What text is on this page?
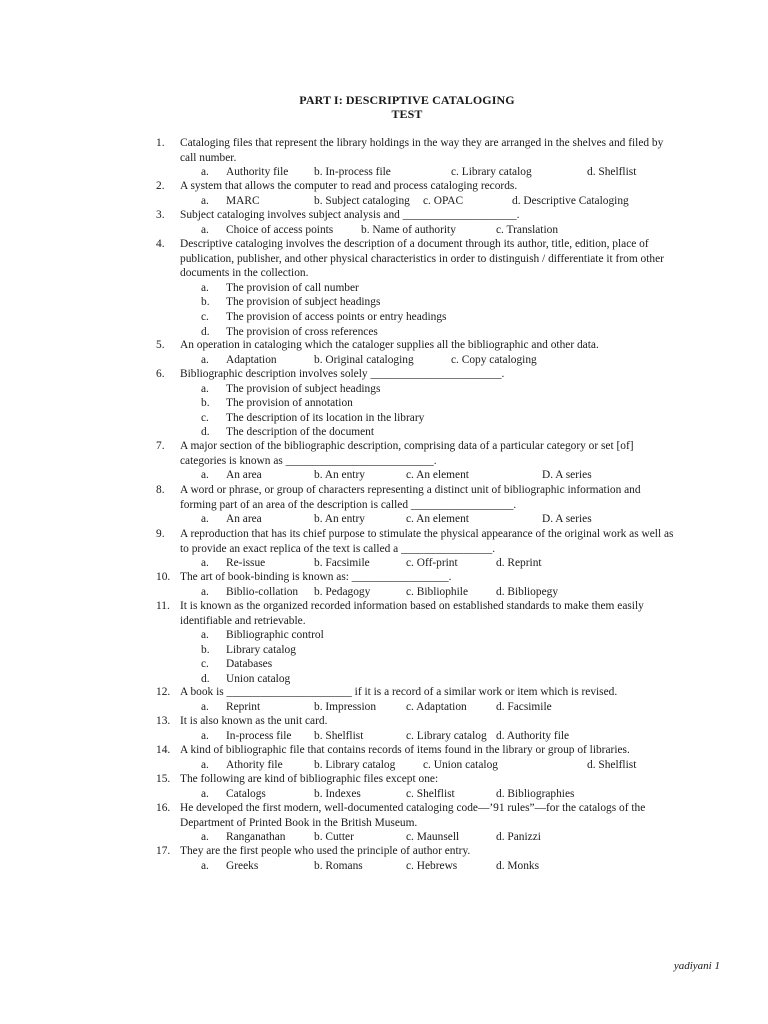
PART I: DESCRIPTIVE CATALOGING
TEST
1.	Cataloging files that represent the library holdings in the way they are arranged in the shelves and filed by call number.
a. Authority file b. In-process file	c. Library catalog	d. Shelflist
2.	A system that allows the computer to read and process cataloging records.
a. MARC	b. Subject cataloging c. OPAC	d. Descriptive Cataloging
3.	Subject cataloging involves subject analysis and ____________________.
a. Choice of access points b. Name of authority	c. Translation
4.	Descriptive cataloging involves the description of a document through its author, title, edition, place of publication, publisher, and other physical characteristics in order to distinguish / differentiate it from other documents in the collection.
a. The provision of call number
b. The provision of subject headings
c. The provision of access points or entry headings
d. The provision of cross references
5.	An operation in cataloging which the cataloger supplies all the bibliographic and other data.
a. Adaptation	b. Original cataloging	c. Copy cataloging
6.	Bibliographic description involves solely _______________________.
a. The provision of subject headings
b. The provision of annotation
c. The description of its location in the library
d. The description of the document
7.	A major section of the bibliographic description, comprising data of a particular category or set [of] categories is known as __________________________.
a. An area	b. An entry	c. An element	D. A series
8.	A word or phrase, or group of characters representing a distinct unit of bibliographic information and forming part of an area of the description is called __________________.
a. An area	b. An entry	c. An element	D. A series
9.	A reproduction that has its chief purpose to stimulate the physical appearance of the original work as well as to provide an exact replica of the text is called a ________________.
a. Re-issue	b. Facsimile	c. Off-print	d. Reprint
10. The art of book-binding is known as: _________________.
a. Biblio-collation b. Pedagogy	c. Bibliophile d. Bibliopegy
11. It is known as the organized recorded information based on established standards to make them easily identifiable and retrievable.
a. Bibliographic control
b. Library catalog
c. Databases
d. Union catalog
12. A book is ______________________ if it is a record of a similar work or item which is revised.
a. Reprint	b. Impression	c. Adaptation	d. Facsimile
13. It is also known as the unit card.
a. In-process file b. Shelflist	c. Library catalog d. Authority file
14. A kind of bibliographic file that contains records of items found in the library or group of libraries.
a. Athority file	b. Library catalog c. Union catalog	d. Shelflist
15. The following are kind of bibliographic files except one:
a. Catalogs	b. Indexes	c. Shelflist	d. Bibliographies
16. He developed the first modern, well-documented cataloging code—’91 rules”—for the catalogs of the Department of Printed Book in the British Museum.
a. Ranganathan	b. Cutter	c. Maunsell	d. Panizzi
17. They are the first people who used the principle of author entry.
a. Greeks	b. Romans	c. Hebrews	d. Monks
yadiyani 1
